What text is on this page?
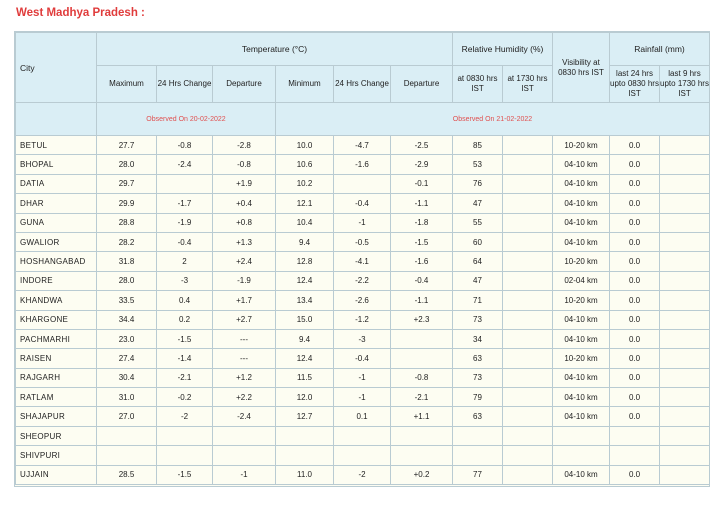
West Madhya Pradesh :
City	Temperature (°C)						Relative Humidity (%)		Visibility at 0830 hrs IST	Rainfall (mm)	
	Maximum	24 Hrs Change	Departure	Minimum	24 Hrs Change	Departure	at 0830 hrs IST	at 1730 hrs IST		last 24 hrs upto 0830 hrs IST	last 9 hrs upto 1730 hrs IST
	Observed On 20-02-2022			Observed On 21-02-2022							
BETUL	27.7	-0.8	-2.8	10.0	-4.7	-2.5	85		10-20 km	0.0	
BHOPAL	28.0	-2.4	-0.8	10.6	-1.6	-2.9	53		04-10 km	0.0	
DATIA	29.7		+1.9	10.2		-0.1	76		04-10 km	0.0	
DHAR	29.9	-1.7	+0.4	12.1	-0.4	-1.1	47		04-10 km	0.0	
GUNA	28.8	-1.9	+0.8	10.4	-1	-1.8	55		04-10 km	0.0	
GWALIOR	28.2	-0.4	+1.3	9.4	-0.5	-1.5	60		04-10 km	0.0	
HOSHANGABAD	31.8	2	+2.4	12.8	-4.1	-1.6	64		10-20 km	0.0	
INDORE	28.0	-3	-1.9	12.4	-2.2	-0.4	47		02-04 km	0.0	
KHANDWA	33.5	0.4	+1.7	13.4	-2.6	-1.1	71		10-20 km	0.0	
KHARGONE	34.4	0.2	+2.7	15.0	-1.2	+2.3	73		04-10 km	0.0	
PACHMARHI	23.0	-1.5	---	9.4	-3		34		04-10 km	0.0	
RAISEN	27.4	-1.4	---	12.4	-0.4		63		10-20 km	0.0	
RAJGARH	30.4	-2.1	+1.2	11.5	-1	-0.8	73		04-10 km	0.0	
RATLAM	31.0	-0.2	+2.2	12.0	-1	-2.1	79		04-10 km	0.0	
SHAJAPUR	27.0	-2	-2.4	12.7	0.1	+1.1	63		04-10 km	0.0	
SHEOPUR											
SHIVPURI											
UJJAIN	28.5	-1.5	-1	11.0	-2	+0.2	77		04-10 km	0.0	
